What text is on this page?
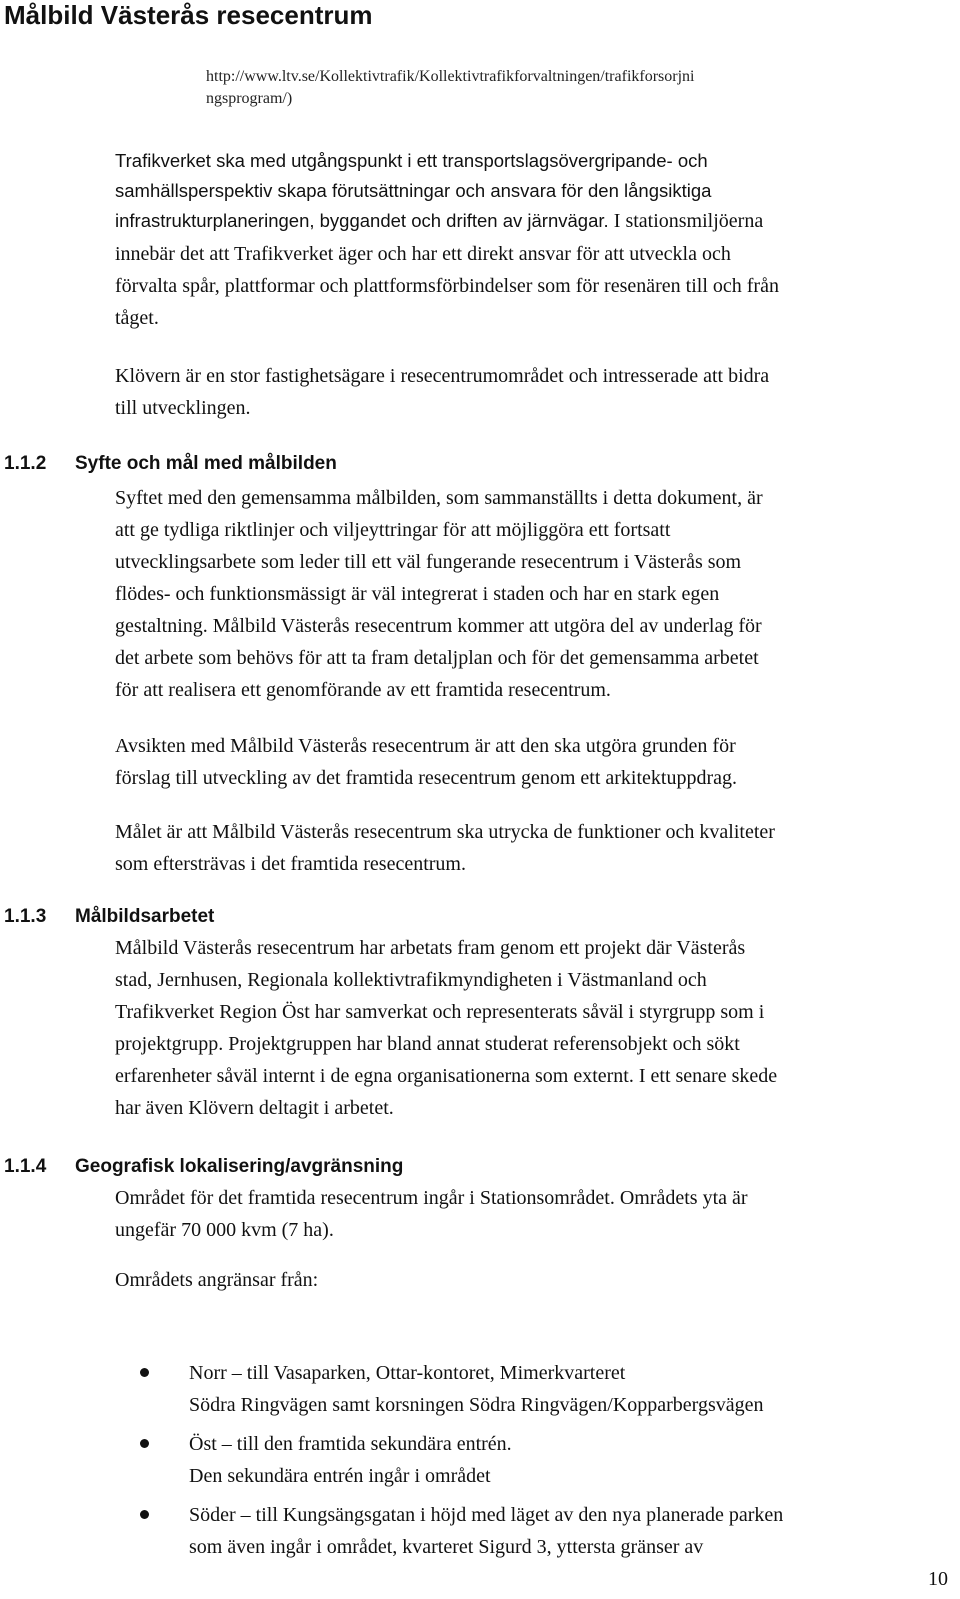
Målbild Västerås resecentrum
http://www.ltv.se/Kollektivtrafik/Kollektivtrafikforvaltningen/trafikforsorjni
ngsprogram/)
Trafikverket ska med utgångspunkt i ett transportslagsövergripande- och
samhällsperspektiv skapa förutsättningar och ansvara för den långsiktiga
infrastrukturplaneringen, byggandet och driften av järnvägar. I stationsmiljöerna
innebär det att Trafikverket äger och har ett direkt ansvar för att utveckla och
förvalta spår, plattformar och plattformsförbindelser som för resenären till och från
tåget.
Klövern är en stor fastighetsägare i resecentrumområdet och intresserade att bidra
till utvecklingen.
1.1.2 Syfte och mål med målbilden
Syftet med den gemensamma målbilden, som sammanställts i detta dokument, är
att ge tydliga riktlinjer och viljeyttringar för att möjliggöra ett fortsatt
utvecklingsarbete som leder till ett väl fungerande resecentrum i Västerås som
flödes- och funktionsmässigt är väl integrerat i staden och har en stark egen
gestaltning. Målbild Västerås resecentrum kommer att utgöra del av underlag för
det arbete som behövs för att ta fram detaljplan och för det gemensamma arbetet
för att realisera ett genomförande av ett framtida resecentrum.
Avsikten med Målbild Västerås resecentrum är att den ska utgöra grunden för
förslag till utveckling av det framtida resecentrum genom ett arkitektuppdrag.
Målet är att Målbild Västerås resecentrum ska utrycka de funktioner och kvaliteter
som eftersträvas i det framtida resecentrum.
1.1.3 Målbildsarbetet
Målbild Västerås resecentrum har arbetats fram genom ett projekt där Västerås
stad, Jernhusen, Regionala kollektivtrafikmyndigheten i Västmanland och
Trafikverket Region Öst har samverkat och representerats såväl i styrgrupp som i
projektgrupp. Projektgruppen har bland annat studerat referensobjekt och sökt
erfarenheter såväl internt i de egna organisationerna som externt. I ett senare skede
har även Klövern deltagit i arbetet.
1.1.4 Geografisk lokalisering/avgränsning
Området för det framtida resecentrum ingår i Stationsområdet. Områdets yta är
ungefär 70 000 kvm (7 ha).
Områdets angränsar från:
Norr – till Vasaparken, Ottar-kontoret, Mimerkvarteret
Södra Ringvägen samt korsningen Södra Ringvägen/Kopparbergsvägen
Öst – till den framtida sekundära entrén.
Den sekundära entrén ingår i området
Söder – till Kungsängsgatan i höjd med läget av den nya planerade parken
som även ingår i området, kvarteret Sigurd 3, yttersta gränser av
10
